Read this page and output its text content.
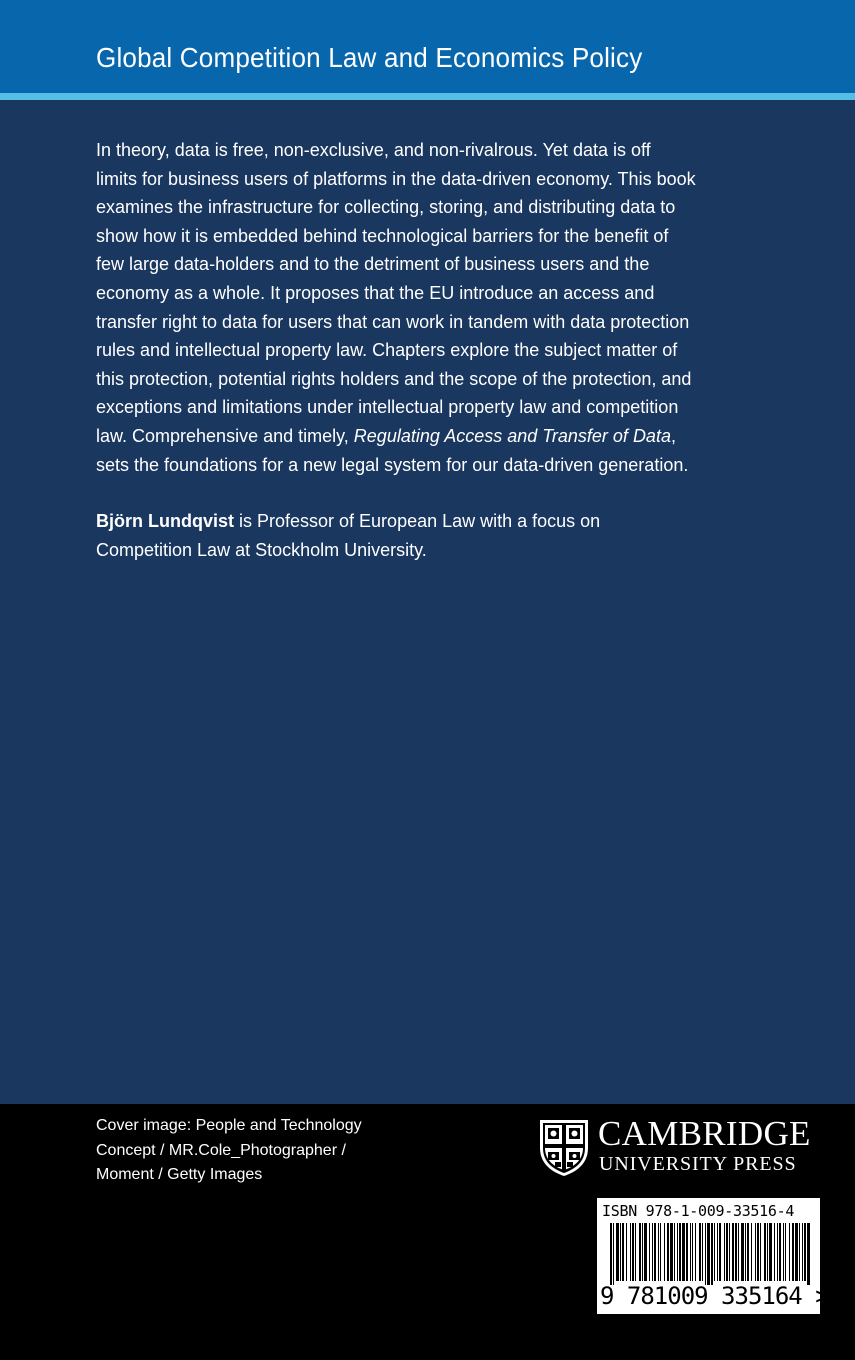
Global Competition Law and Economics Policy

In theory, data is free, non-exclusive, and non-rivalrous. Yet data is off limits for business users of platforms in the data-driven economy. This book examines the infrastructure for collecting, storing, and distributing data to show how it is embedded behind technological barriers for the benefit of few large data-holders and to the detriment of business users and the economy as a whole. It proposes that the EU introduce an access and transfer right to data for users that can work in tandem with data protection rules and intellectual property law. Chapters explore the subject matter of this protection, potential rights holders and the scope of the protection, and exceptions and limitations under intellectual property law and competition law. Comprehensive and timely, Regulating Access and Transfer of Data, sets the foundations for a new legal system for our data-driven generation.

Björn Lundqvist is Professor of European Law with a focus on Competition Law at Stockholm University.

Cover image: People and Technology
Concept / MR.Cole_Photographer /
Moment / Getty Images
CAMBRIDGE
UNIVERSITY PRESS
ISBN 978-1-009-33516-4
9 781009 335164 >
